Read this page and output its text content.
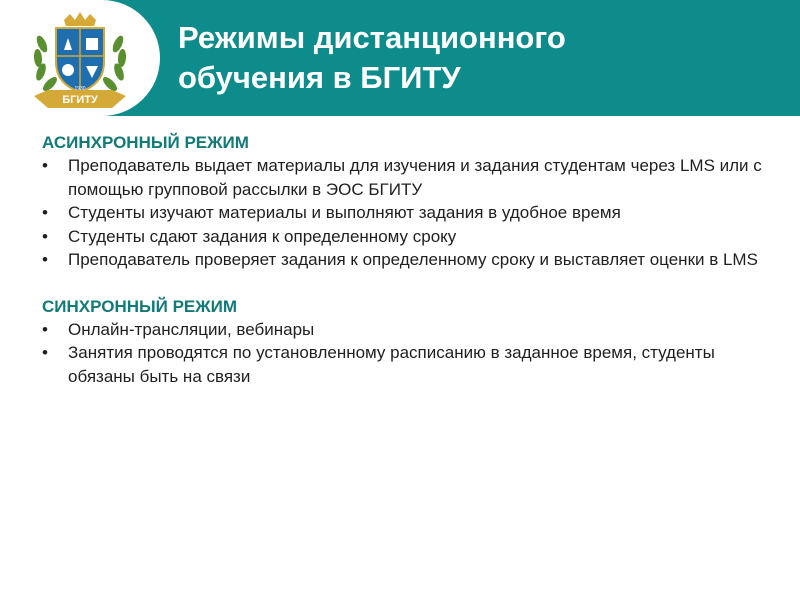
БГИТУ
1930
Режимы дистанционного
обучения в БГИТУ
АСИНХРОННЫЙ РЕЖИМ
•	Преподаватель выдает материалы для изучения и задания студентам через LMS или с помощью групповой рассылки в ЭОС БГИТУ
•	Студенты изучают материалы и выполняют задания в удобное время
•	Студенты сдают задания к определенному сроку
•	Преподаватель проверяет задания к определенному сроку и выставляет оценки в LMS
СИНХРОННЫЙ РЕЖИМ
•	Онлайн-трансляции, вебинары
•	Занятия проводятся по установленному расписанию в заданное время, студенты обязаны быть на связи
